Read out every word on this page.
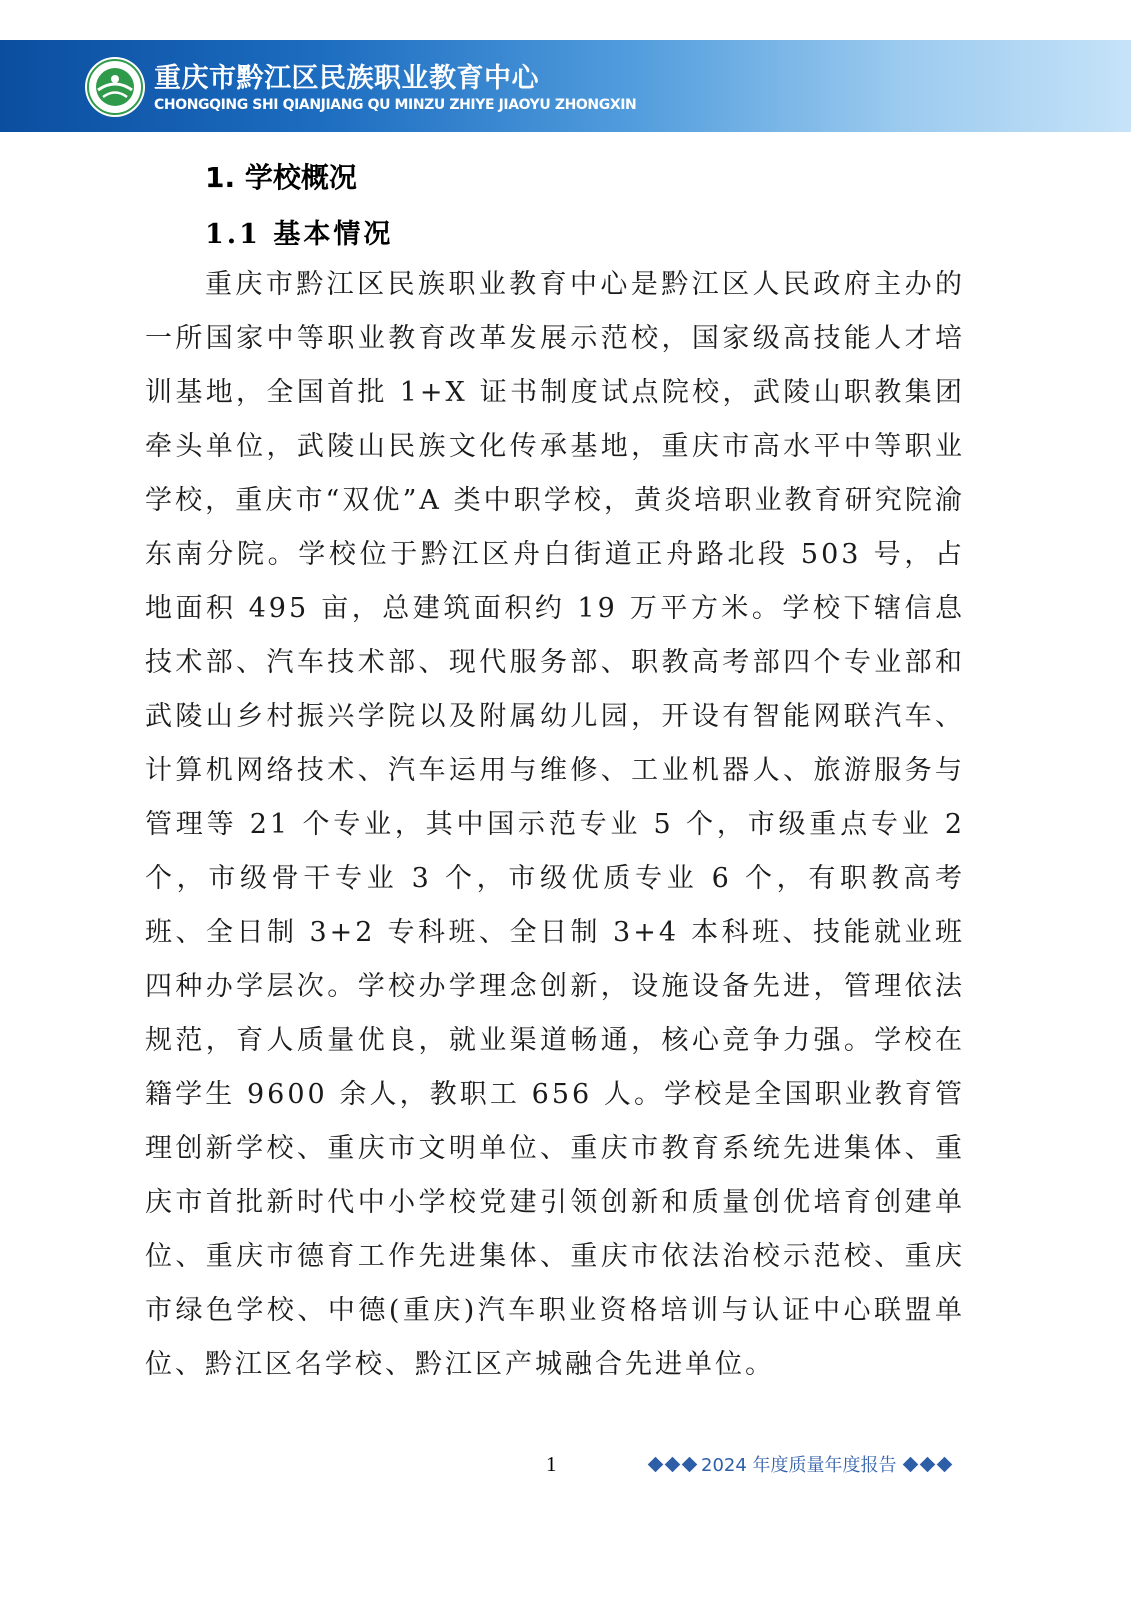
重庆市黔江区民族职业教育中心
CHONGQING SHI QIANJIANG QU MINZU ZHIYE JIAOYU ZHONGXIN
1. 学校概况
1.1 基本情况

重庆市黔江区民族职业教育中心是黔江区人民政府主办的一所国家中等职业教育改革发展示范校，国家级高技能人才培训基地，全国首批 1+X 证书制度试点院校，武陵山职教集团牵头单位，武陵山民族文化传承基地，重庆市高水平中等职业学校，重庆市“双优”A 类中职学校，黄炎培职业教育研究院渝东南分院。学校位于黔江区舟白街道正舟路北段 503 号，占地面积 495 亩，总建筑面积约 19 万平方米。学校下辖信息技术部、汽车技术部、现代服务部、职教高考部四个专业部和武陵山乡村振兴学院以及附属幼儿园，开设有智能网联汽车、计算机网络技术、汽车运用与维修、工业机器人、旅游服务与管理等 21 个专业，其中国示范专业 5 个，市级重点专业 2 个，市级骨干专业 3 个，市级优质专业 6 个，有职教高考班、全日制 3+2 专科班、全日制 3+4 本科班、技能就业班四种办学层次。学校办学理念创新，设施设备先进，管理依法规范，育人质量优良，就业渠道畅通，核心竞争力强。学校在籍学生 9600 余人，教职工 656 人。学校是全国职业教育管理创新学校、重庆市文明单位、重庆市教育系统先进集体、重庆市首批新时代中小学校党建引领创新和质量创优培育创建单位、重庆市德育工作先进集体、重庆市依法治校示范校、重庆市绿色学校、中德(重庆)汽车职业资格培训与认证中心联盟单位、黔江区名学校、黔江区产城融合先进单位。

1	2024 年度质量年度报告
